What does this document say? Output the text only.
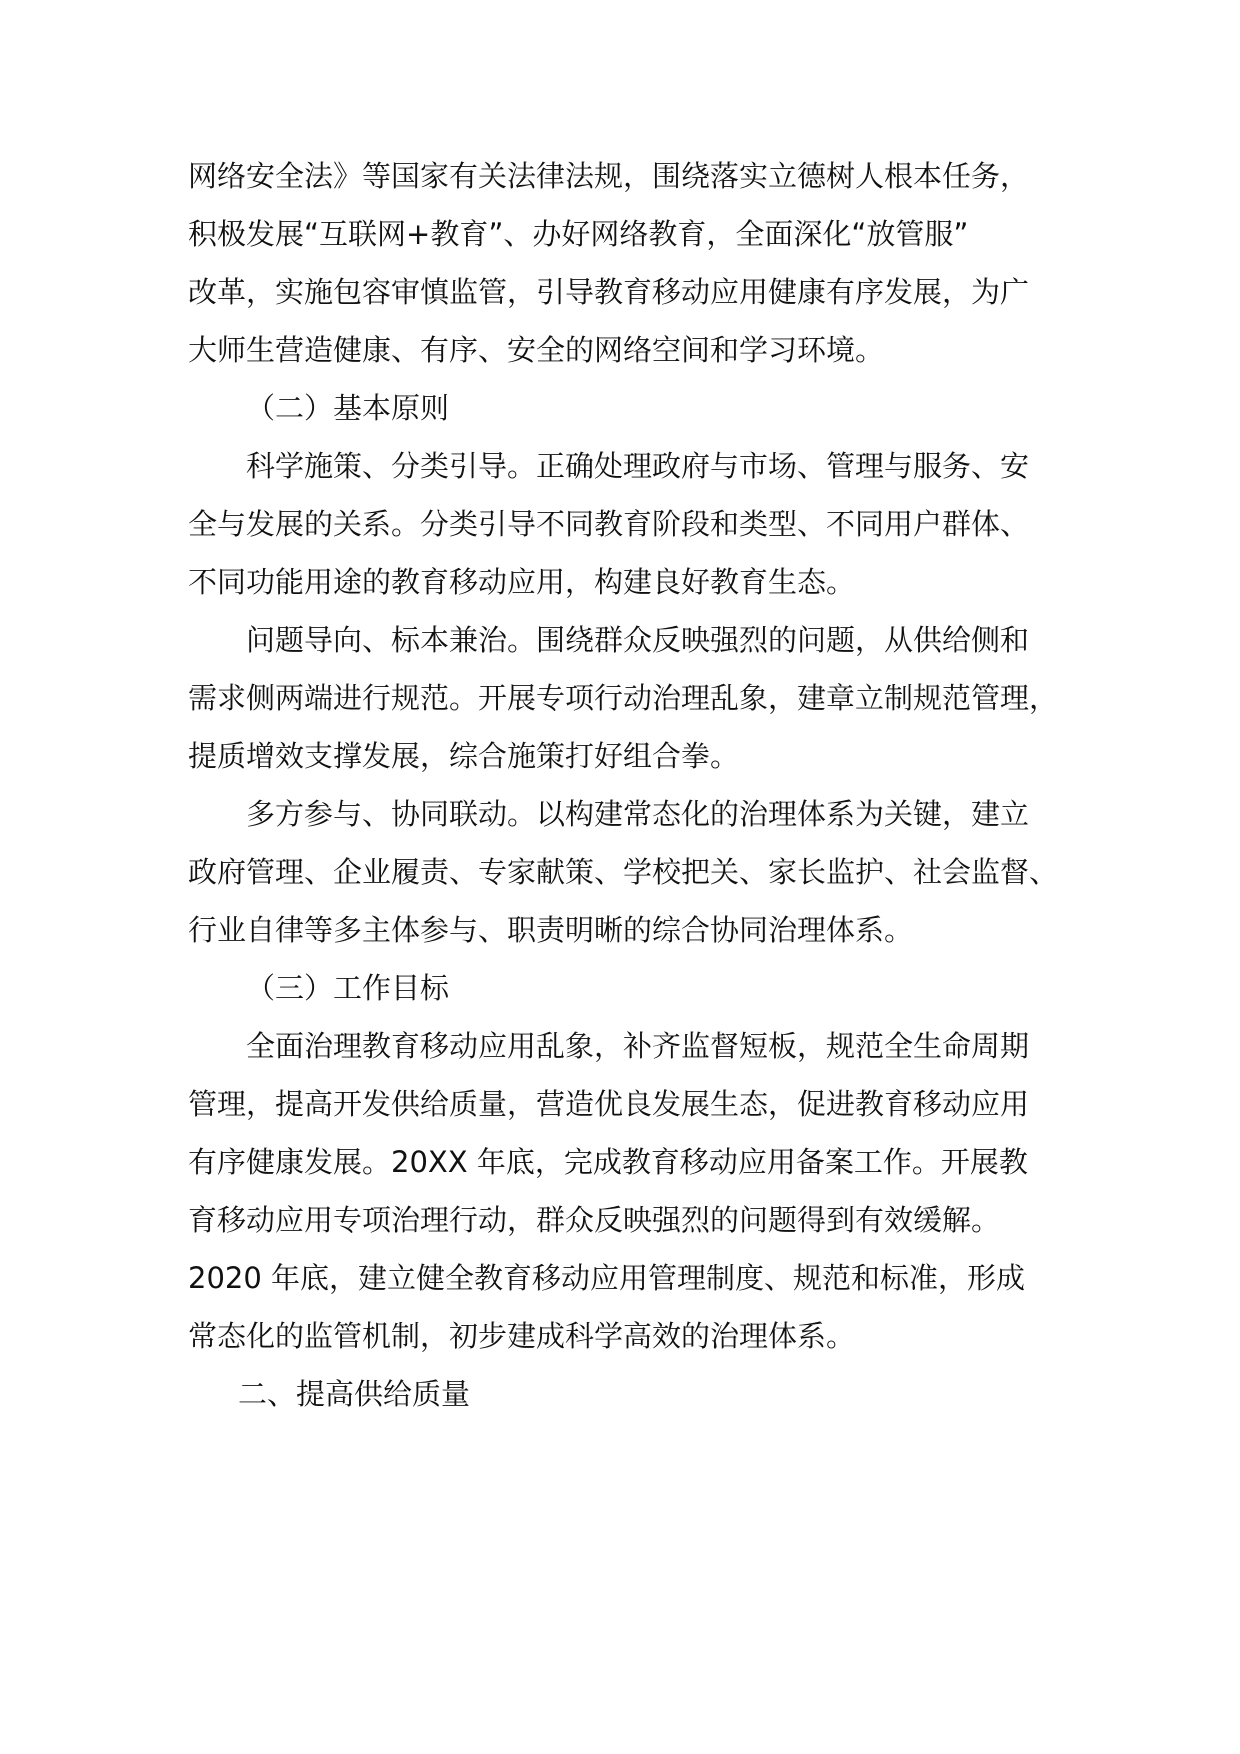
网络安全法》等国家有关法律法规，围绕落实立德树人根本任务，
积极发展“互联网+教育”、办好网络教育，全面深化“放管服”
改革，实施包容审慎监管，引导教育移动应用健康有序发展，为广
大师生营造健康、有序、安全的网络空间和学习环境。
（二）基本原则
科学施策、分类引导。正确处理政府与市场、管理与服务、安
全与发展的关系。分类引导不同教育阶段和类型、不同用户群体、
不同功能用途的教育移动应用，构建良好教育生态。
问题导向、标本兼治。围绕群众反映强烈的问题，从供给侧和
需求侧两端进行规范。开展专项行动治理乱象，建章立制规范管理，
提质增效支撑发展，综合施策打好组合拳。
多方参与、协同联动。以构建常态化的治理体系为关键，建立
政府管理、企业履责、专家献策、学校把关、家长监护、社会监督、
行业自律等多主体参与、职责明晰的综合协同治理体系。
（三）工作目标
全面治理教育移动应用乱象，补齐监督短板，规范全生命周期
管理，提高开发供给质量，营造优良发展生态，促进教育移动应用
有序健康发展。20XX 年底，完成教育移动应用备案工作。开展教
育移动应用专项治理行动，群众反映强烈的问题得到有效缓解。
2020 年底，建立健全教育移动应用管理制度、规范和标准，形成
常态化的监管机制，初步建成科学高效的治理体系。
二、提高供给质量
